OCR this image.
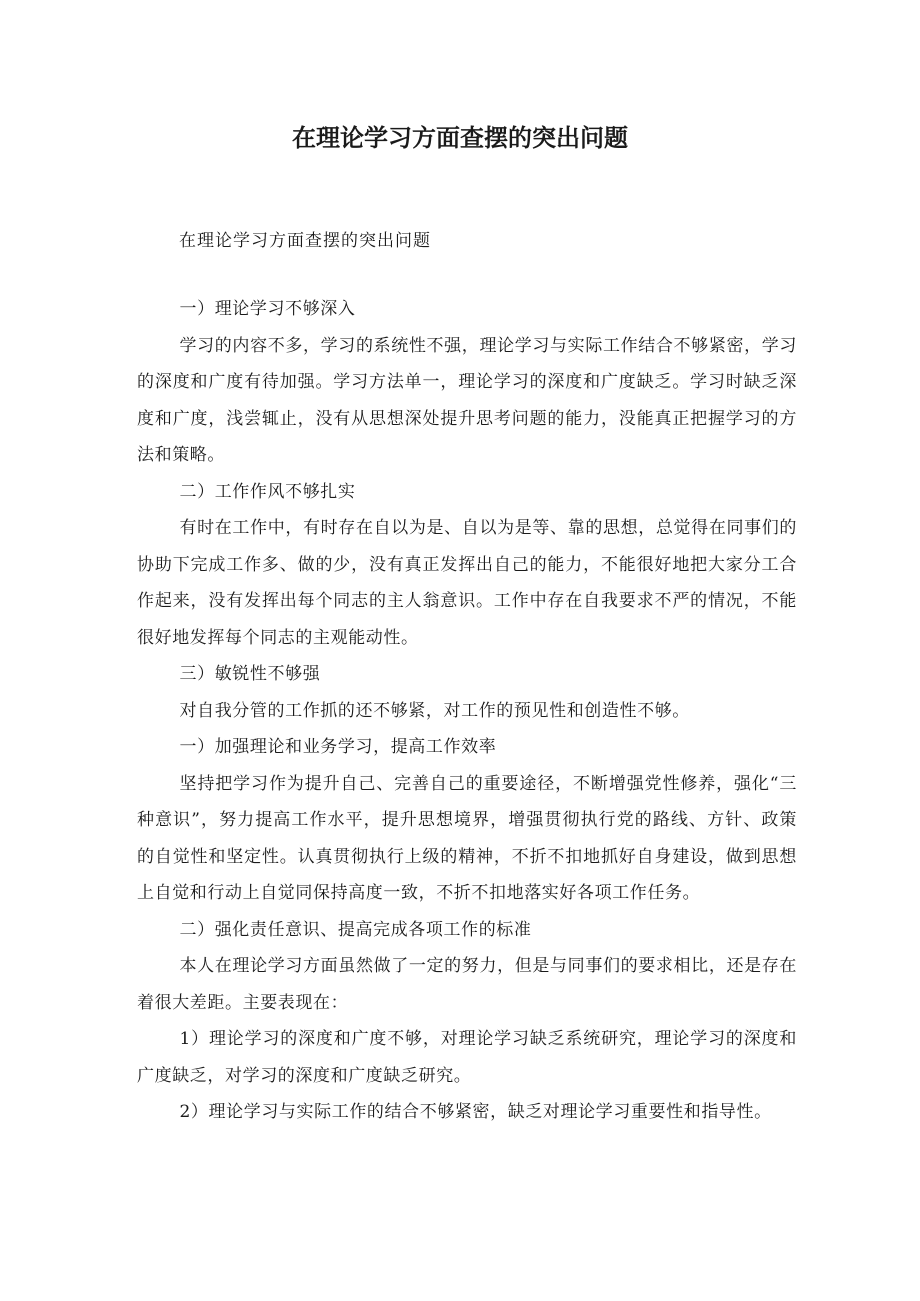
在理论学习方面查摆的突出问题

在理论学习方面查摆的突出问题

一）理论学习不够深入

学习的内容不多，学习的系统性不强，理论学习与实际工作结合不够紧密，学习的深度和广度有待加强。学习方法单一，理论学习的深度和广度缺乏。学习时缺乏深度和广度，浅尝辄止，没有从思想深处提升思考问题的能力，没能真正把握学习的方法和策略。

二）工作作风不够扎实

有时在工作中，有时存在自以为是、自以为是等、靠的思想，总觉得在同事们的协助下完成工作多、做的少，没有真正发挥出自己的能力，不能很好地把大家分工合作起来，没有发挥出每个同志的主人翁意识。工作中存在自我要求不严的情况，不能很好地发挥每个同志的主观能动性。

三）敏锐性不够强

对自我分管的工作抓的还不够紧，对工作的预见性和创造性不够。

一）加强理论和业务学习，提高工作效率

坚持把学习作为提升自己、完善自己的重要途径，不断增强党性修养，强化“三种意识”，努力提高工作水平，提升思想境界，增强贯彻执行党的路线、方针、政策的自觉性和坚定性。认真贯彻执行上级的精神，不折不扣地抓好自身建设，做到思想上自觉和行动上自觉同保持高度一致，不折不扣地落实好各项工作任务。

二）强化责任意识、提高完成各项工作的标准

本人在理论学习方面虽然做了一定的努力，但是与同事们的要求相比，还是存在着很大差距。主要表现在：

1）理论学习的深度和广度不够，对理论学习缺乏系统研究，理论学习的深度和广度缺乏，对学习的深度和广度缺乏研究。

2）理论学习与实际工作的结合不够紧密，缺乏对理论学习重要性和指导性。
